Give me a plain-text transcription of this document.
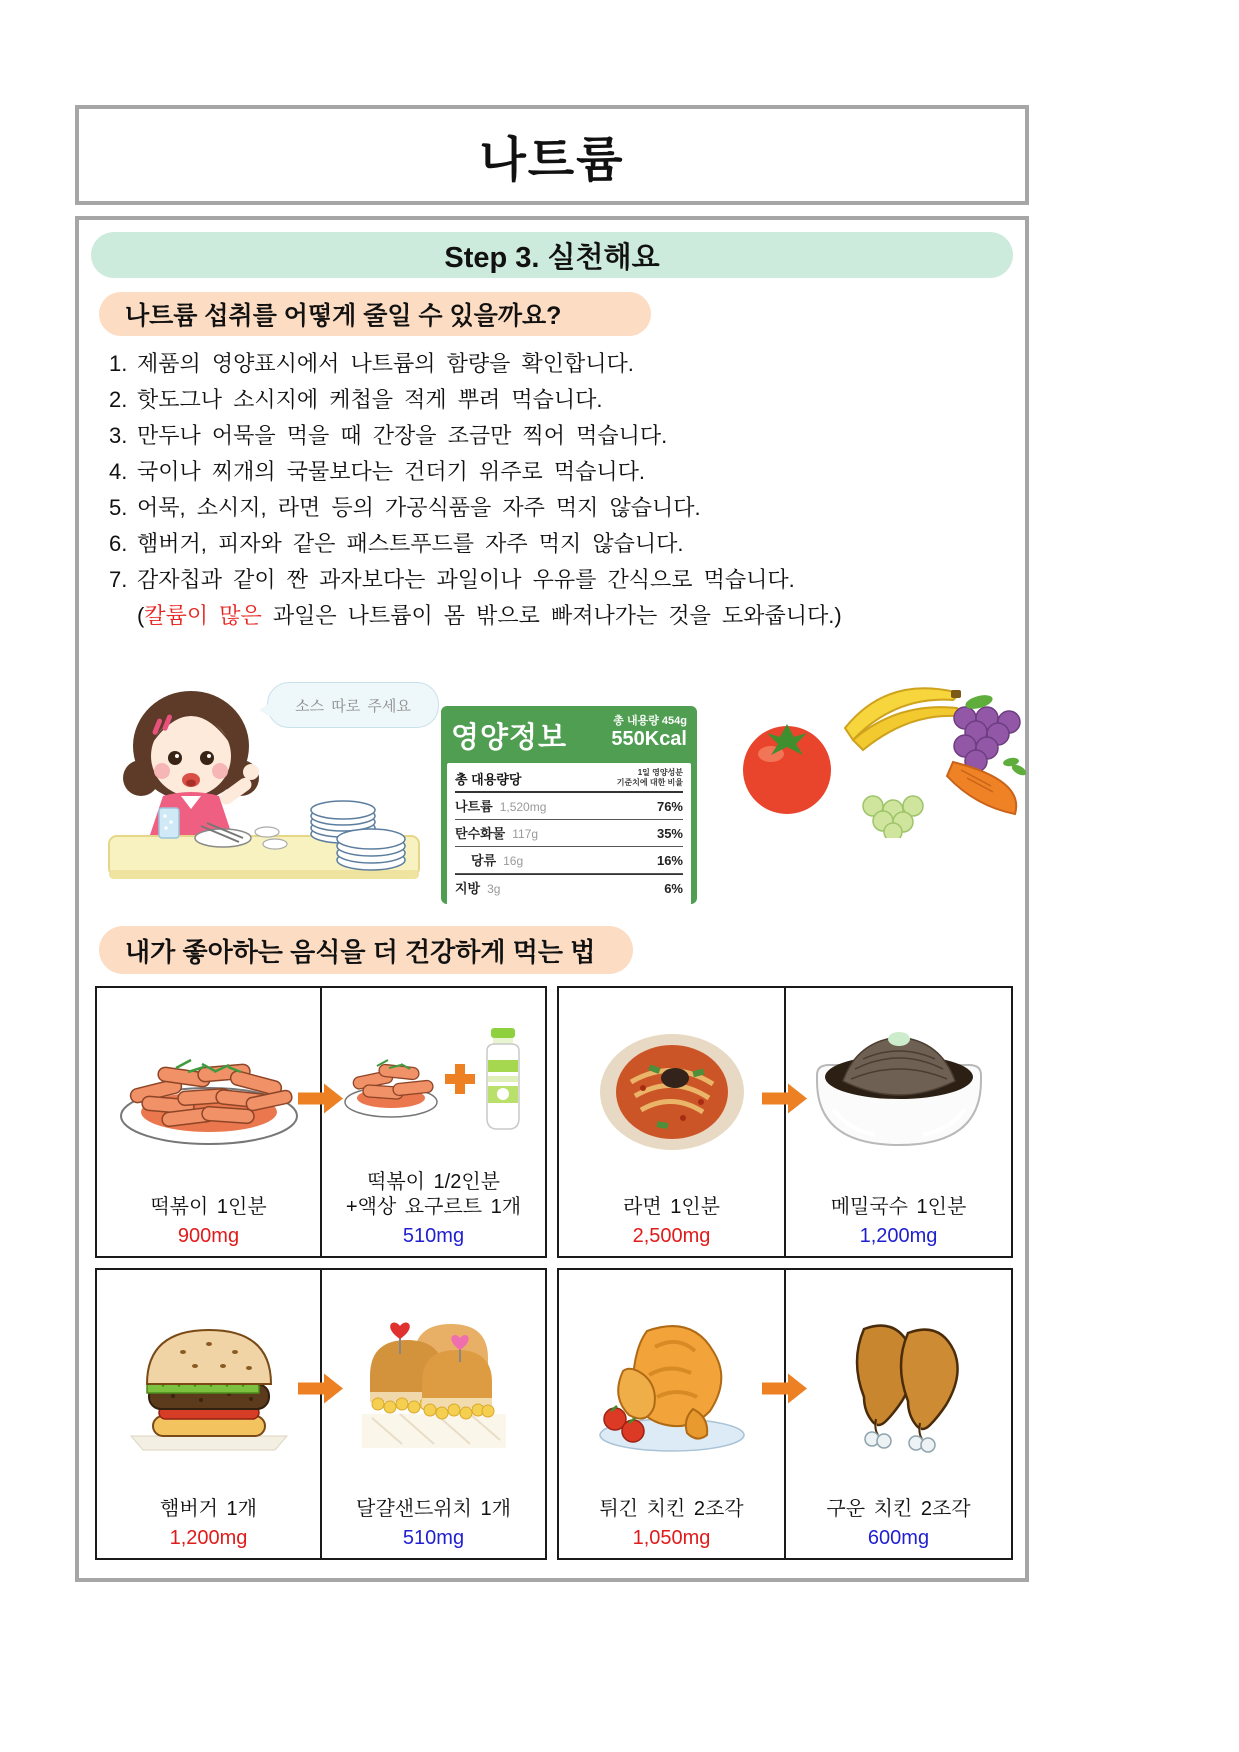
나트륨
Step 3. 실천해요
나트륨 섭취를 어떻게 줄일 수 있을까요?
1. 제품의 영양표시에서 나트륨의 함량을 확인합니다.
2. 핫도그나 소시지에 케첩을 적게 뿌려 먹습니다.
3. 만두나 어묵을 먹을 때 간장을 조금만 찍어 먹습니다.
4. 국이나 찌개의 국물보다는 건더기 위주로 먹습니다.
5. 어묵, 소시지, 라면 등의 가공식품을 자주 먹지 않습니다.
6. 햄버거, 피자와 같은 패스트푸드를 자주 먹지 않습니다.
7. 감자칩과 같이 짠 과자보다는 과일이나 우유를 간식으로 먹습니다.
(칼륨이 많은 과일은 나트륨이 몸 밖으로 빠져나가는 것을 도와줍니다.)
소스 따로 주세요
영양정보
총 내용량 454g
550Kcal
총 대용량당	1일 영양성분
기준치에 대한 비율
나트륨 1,520mg	76%
탄수화물 117g	35%
당류 16g	16%
지방 3g	6%
내가 좋아하는 음식을 더 건강하게 먹는 법
떡볶이 1인분
900mg
떡볶이 1/2인분
+액상 요구르트 1개
510mg
라면 1인분
2,500mg
메밀국수 1인분
1,200mg
햄버거 1개
1,200mg
달걀샌드위치 1개
510mg
튀긴 치킨 2조각
1,050mg
구운 치킨 2조각
600mg
